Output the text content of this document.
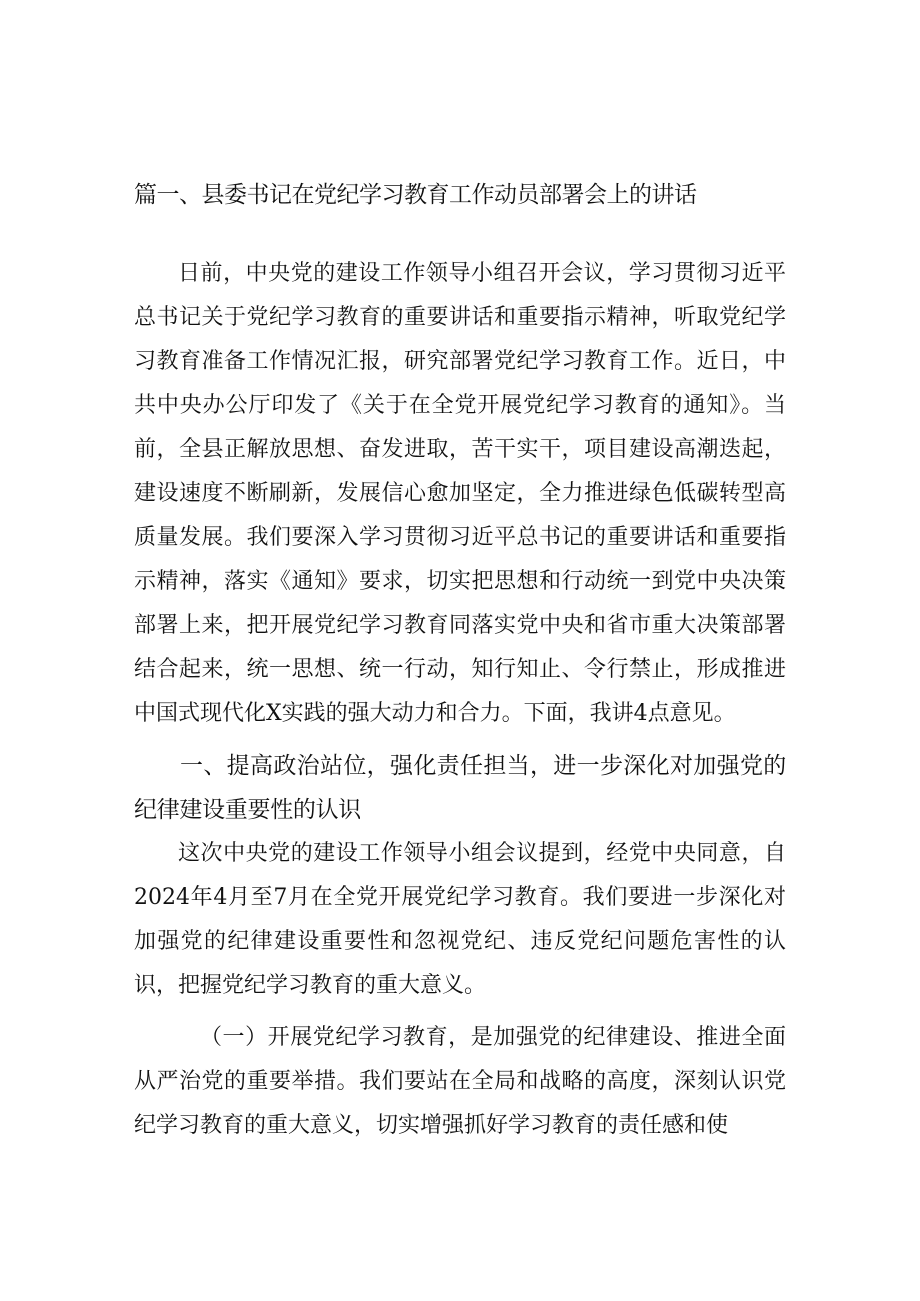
篇一、县委书记在党纪学习教育工作动员部署会上的讲话

日前，中央党的建设工作领导小组召开会议，学习贯彻习近平总书记关于党纪学习教育的重要讲话和重要指示精神，听取党纪学习教育准备工作情况汇报，研究部署党纪学习教育工作。近日，中共中央办公厅印发了《关于在全党开展党纪学习教育的通知》。当前，全县正解放思想、奋发进取，苦干实干，项目建设高潮迭起，建设速度不断刷新，发展信心愈加坚定，全力推进绿色低碳转型高质量发展。我们要深入学习贯彻习近平总书记的重要讲话和重要指示精神，落实《通知》要求，切实把思想和行动统一到党中央决策部署上来，把开展党纪学习教育同落实党中央和省市重大决策部署结合起来，统一思想、统一行动，知行知止、令行禁止，形成推进中国式现代化X实践的强大动力和合力。下面，我讲4点意见。

一、提高政治站位，强化责任担当，进一步深化对加强党的纪律建设重要性的认识

这次中央党的建设工作领导小组会议提到，经党中央同意，自2024年4月至7月在全党开展党纪学习教育。我们要进一步深化对加强党的纪律建设重要性和忽视党纪、违反党纪问题危害性的认识，把握党纪学习教育的重大意义。

（一）开展党纪学习教育，是加强党的纪律建设、推进全面从严治党的重要举措。我们要站在全局和战略的高度，深刻认识党纪学习教育的重大意义，切实增强抓好学习教育的责任感和使
